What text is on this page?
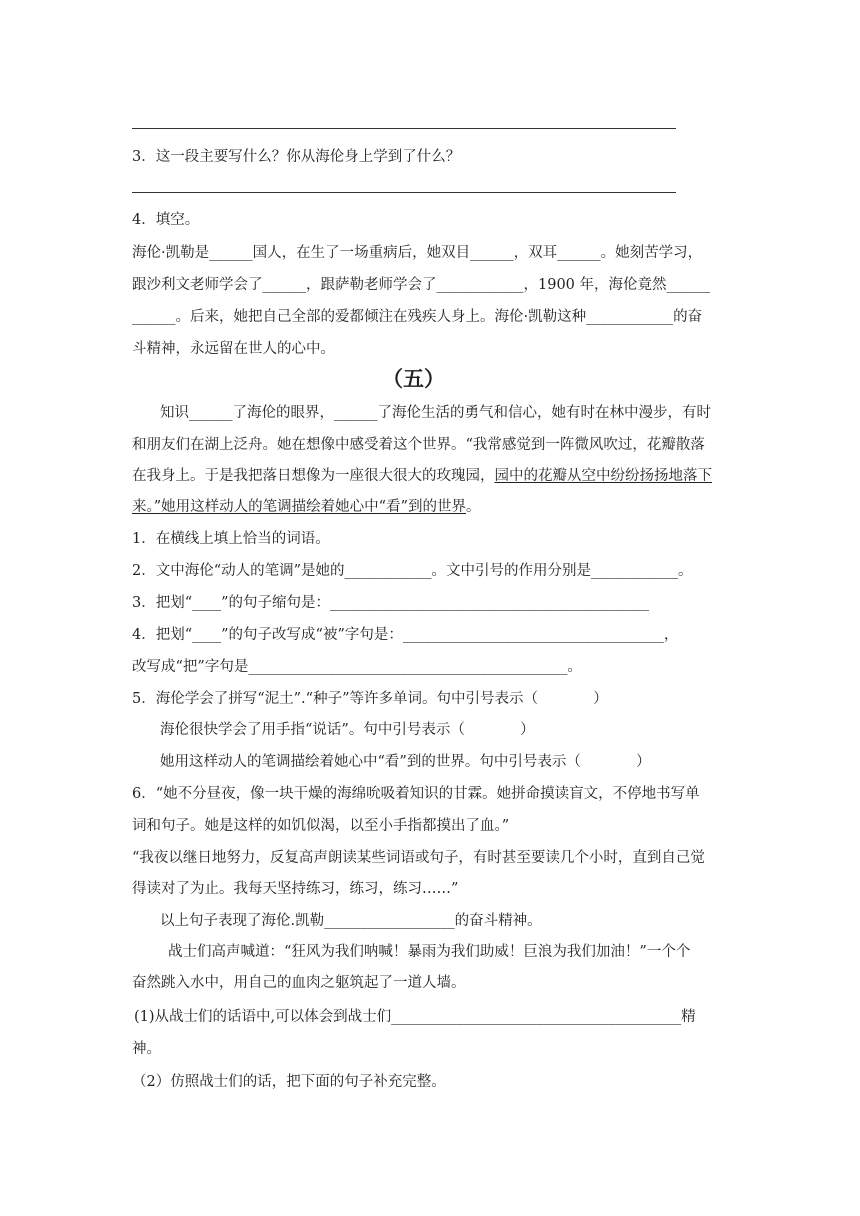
3．这一段主要写什么？你从海伦身上学到了什么？
4．填空。
海伦·凯勒是______国人，在生了一场重病后，她双目______，双耳______。她刻苦学习，
跟沙利文老师学会了______，跟萨勒老师学会了____________，1900 年，海伦竟然______
______。后来，她把自己全部的爱都倾注在残疾人身上。海伦·凯勒这种____________的奋
斗精神，永远留在世人的心中。
（五）
知识______了海伦的眼界，______了海伦生活的勇气和信心，她有时在林中漫步，有时
和朋友们在湖上泛舟。她在想像中感受着这个世界。“我常感觉到一阵微风吹过，花瓣散落
在我身上。于是我把落日想像为一座很大很大的玫瑰园，园中的花瓣从空中纷纷扬扬地落下
来。”她用这样动人的笔调描绘着她心中“看”到的世界。
1．在横线上填上恰当的词语。
2．文中海伦“动人的笔调”是她的____________。文中引号的作用分别是____________。
3．把划“____”的句子缩句是：____________________________________________
4．把划“____”的句子改写成“被”字句是：____________________________________，
改写成“把”字句是____________________________________________。
5．海伦学会了拼写“泥土”.“种子”等许多单词。句中引号表示（            ）
海伦很快学会了用手指“说话”。句中引号表示（            ）
她用这样动人的笔调描绘着她心中“看”到的世界。句中引号表示（            ）
6．“她不分昼夜，像一块干燥的海绵吮吸着知识的甘霖。她拼命摸读盲文，不停地书写单
词和句子。她是这样的如饥似渴，以至小手指都摸出了血。”
“我夜以继日地努力，反复高声朗读某些词语或句子，有时甚至要读几个小时，直到自己觉
得读对了为止。我每天坚持练习，练习，练习……”
以上句子表现了海伦.凯勒__________________的奋斗精神。
战士们高声喊道：“狂风为我们呐喊！暴雨为我们助威！巨浪为我们加油！”一个个
奋然跳入水中，用自己的血肉之躯筑起了一道人墙。
(1)从战士们的话语中,可以体会到战士们________________________________________精
神。
（2）仿照战士们的话，把下面的句子补充完整。
